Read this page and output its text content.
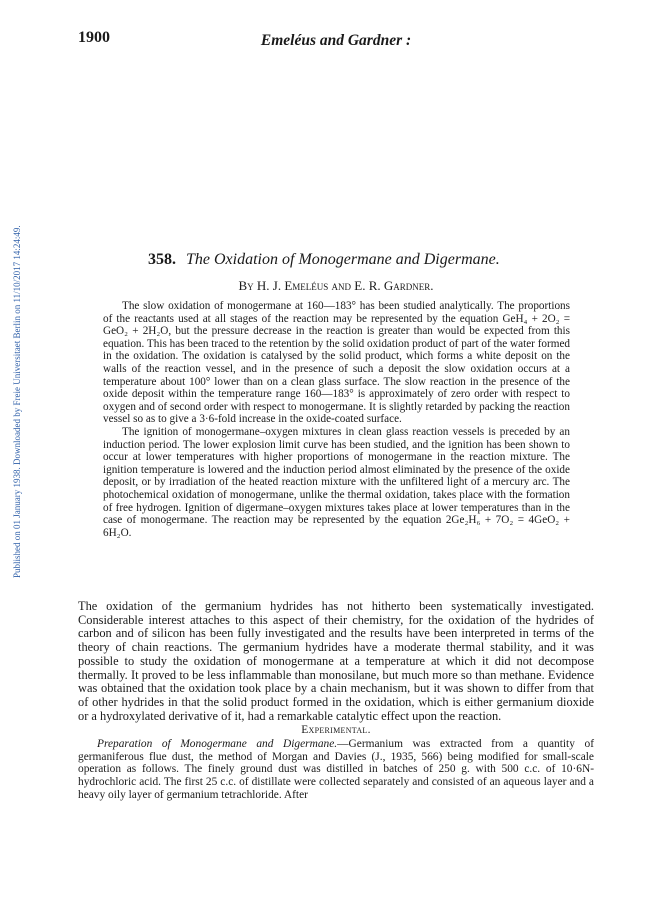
1900	Emeléus and Gardner :
Published on 01 January 1938. Downloaded by Freie Universitaet Berlin on 11/10/2017 14:24:49.	358. The Oxidation of Monogermane and Digermane.
By H. J. Emeléus and E. R. Gardner.

The slow oxidation of monogermane at 160—183° has been studied analytically. The proportions of the reactants used at all stages of the reaction may be represented by the equation GeH₄ + 2O₂ = GeO₂ + 2H₂O, but the pressure decrease in the reaction is greater than would be expected from this equation. This has been traced to the retention by the solid oxidation product of part of the water formed in the oxidation. The oxidation is catalysed by the solid product, which forms a white deposit on the walls of the reaction vessel, and in the presence of such a deposit the slow oxidation occurs at a temperature about 100° lower than on a clean glass surface. The slow reaction in the presence of the oxide deposit within the temperature range 160—183° is approximately of zero order with respect to oxygen and of second order with respect to monogermane. It is slightly retarded by packing the reaction vessel so as to give a 3·6-fold increase in the oxide-coated surface.

The ignition of monogermane–oxygen mixtures in clean glass reaction vessels is preceded by an induction period. The lower explosion limit curve has been studied, and the ignition has been shown to occur at lower temperatures with higher proportions of monogermane in the reaction mixture. The ignition temperature is lowered and the induction period almost eliminated by the presence of the oxide deposit, or by irradiation of the heated reaction mixture with the unfiltered light of a mercury arc. The photochemical oxidation of monogermane, unlike the thermal oxidation, takes place with the formation of free hydrogen. Ignition of digermane–oxygen mixtures takes place at lower temperatures than in the case of monogermane. The reaction may be represented by the equation 2Ge₂H₆ + 7O₂ = 4GeO₂ + 6H₂O.

The oxidation of the germanium hydrides has not hitherto been systematically investigated. Considerable interest attaches to this aspect of their chemistry, for the oxidation of the hydrides of carbon and of silicon has been fully investigated and the results have been interpreted in terms of the theory of chain reactions. The germanium hydrides have a moderate thermal stability, and it was possible to study the oxidation of monogermane at a temperature at which it did not decompose thermally. It proved to be less inflammable than monosilane, but much more so than methane. Evidence was obtained that the oxidation took place by a chain mechanism, but it was shown to differ from that of other hydrides in that the solid product formed in the oxidation, which is either germanium dioxide or a hydroxylated derivative of it, had a remarkable catalytic effect upon the reaction.

Experimental.

Preparation of Monogermane and Digermane.—Germanium was extracted from a quantity of germaniferous flue dust, the method of Morgan and Davies (J., 1935, 566) being modified for small-scale operation as follows. The finely ground dust was distilled in batches of 250 g. with 500 c.c. of 10·6N-hydrochloric acid. The first 25 c.c. of distillate were collected separately and consisted of an aqueous layer and a heavy oily layer of germanium tetrachloride. After
